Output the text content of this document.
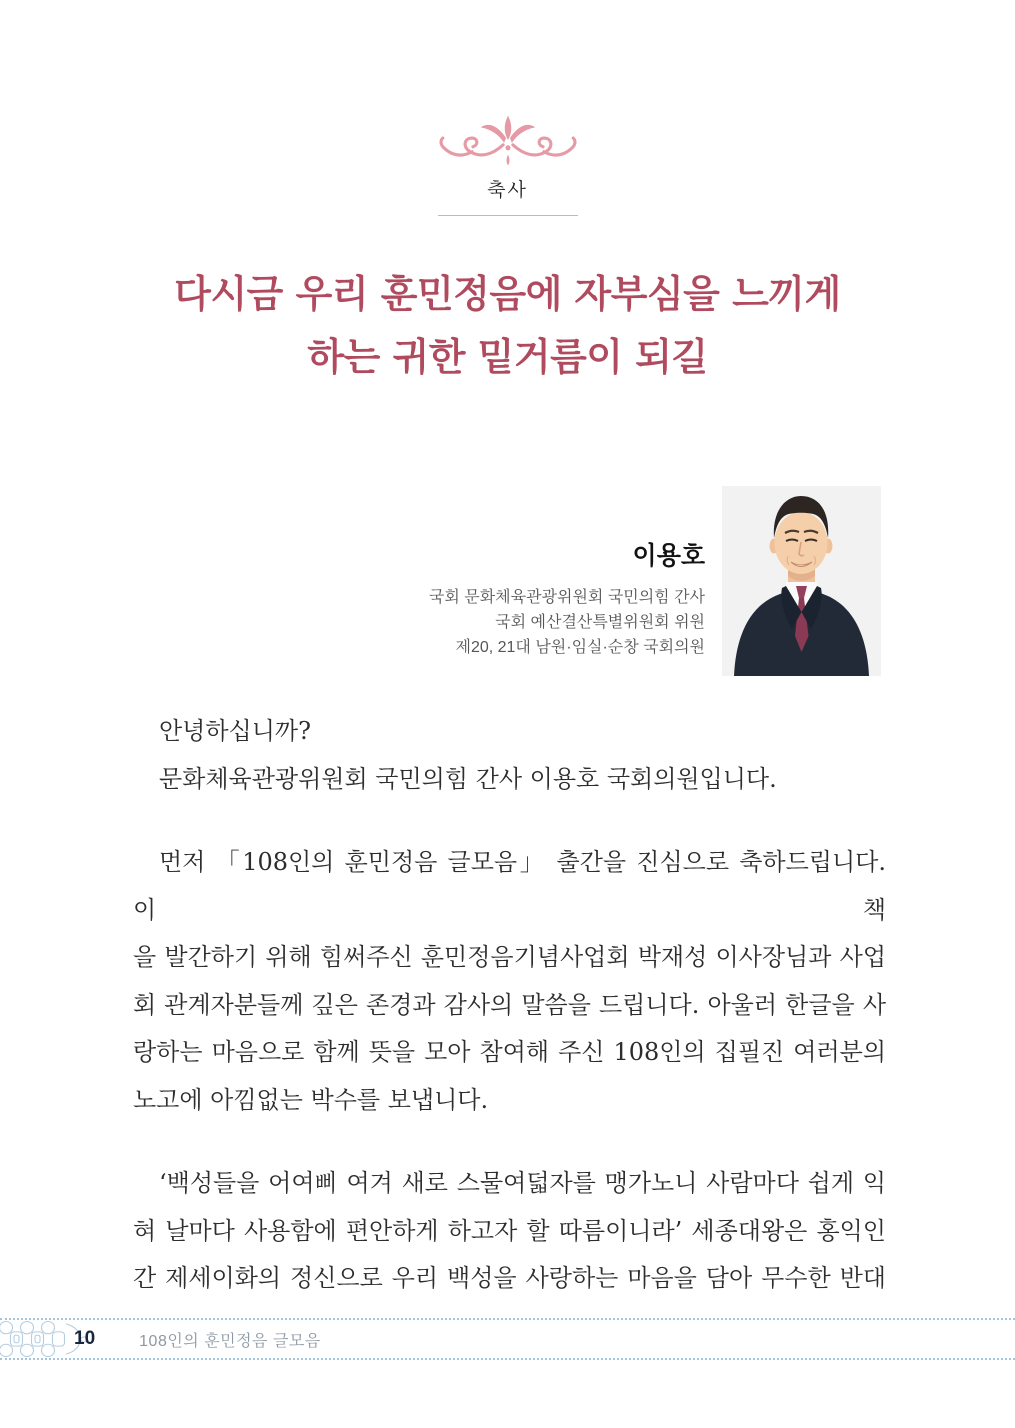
축사
다시금 우리 훈민정음에 자부심을 느끼게
하는 귀한 밑거름이 되길
이용호
국회 문화체육관광위원회 국민의힘 간사
국회 예산결산특별위원회 위원
제20, 21대 남원·임실·순창 국회의원
안녕하십니까?
문화체육관광위원회 국민의힘 간사 이용호 국회의원입니다.
먼저 「108인의 훈민정음 글모음」 출간을 진심으로 축하드립니다. 이 책
을 발간하기 위해 힘써주신 훈민정음기념사업회 박재성 이사장님과 사업
회 관계자분들께 깊은 존경과 감사의 말씀을 드립니다. 아울러 한글을 사
랑하는 마음으로 함께 뜻을 모아 참여해 주신 108인의 집필진 여러분의
노고에 아낌없는 박수를 보냅니다.
‘백성들을 어여삐 여겨 새로 스물여덟자를 맹가노니 사람마다 쉽게 익
혀 날마다 사용함에 편안하게 하고자 할 따름이니라’ 세종대왕은 홍익인
간 제세이화의 정신으로 우리 백성을 사랑하는 마음을 담아 무수한 반대
10	108인의 훈민정음 글모음
